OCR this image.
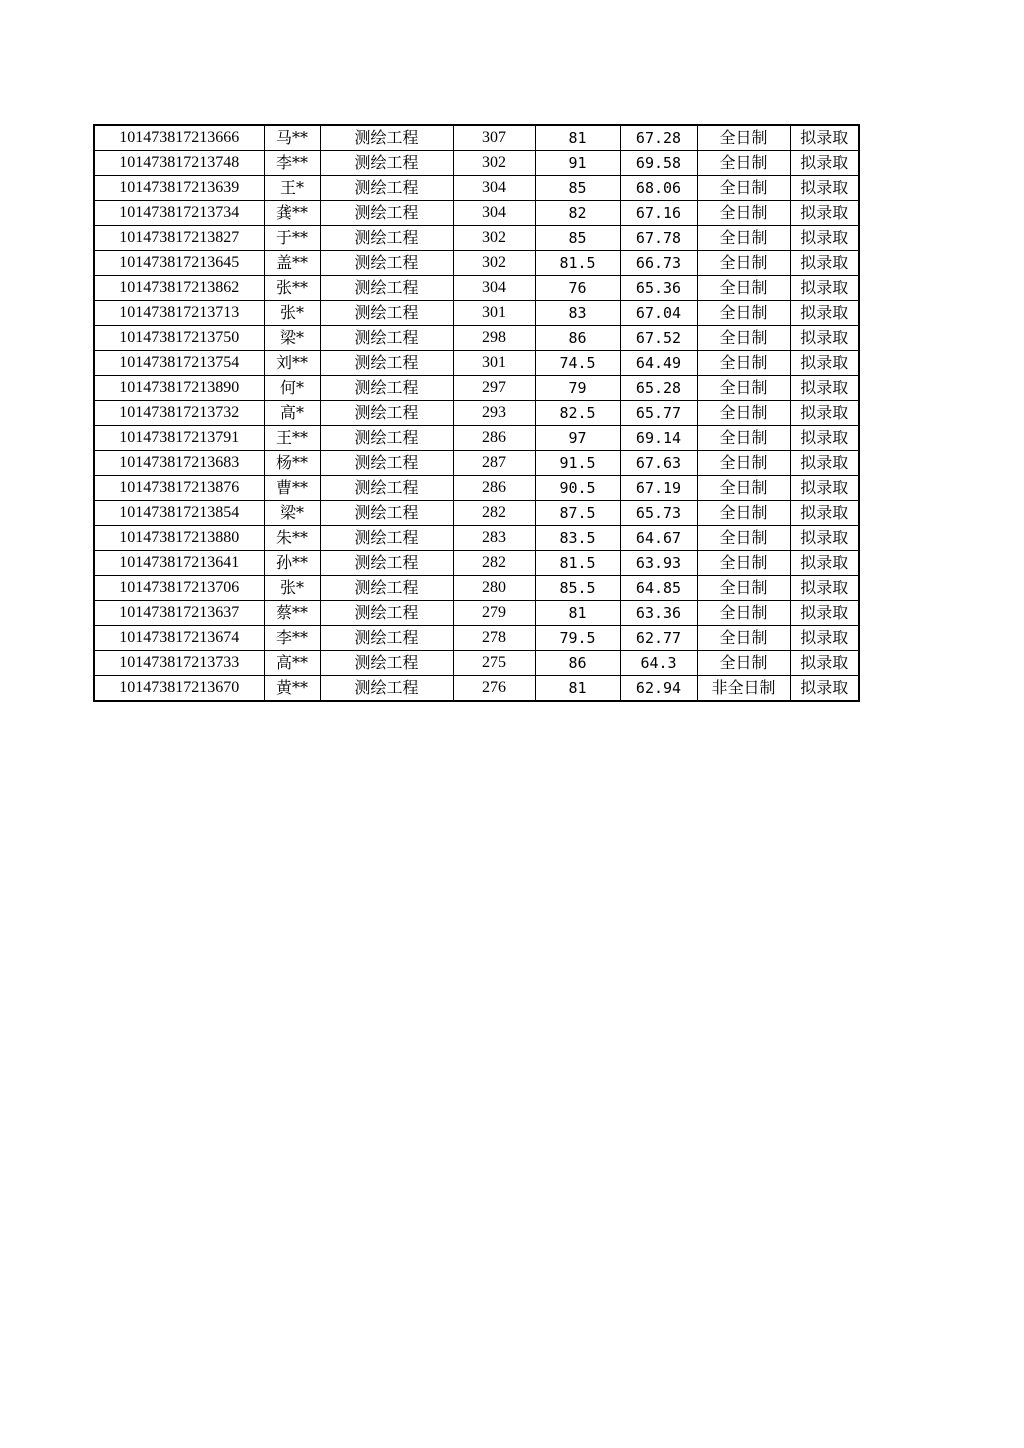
101473817213666	马**	测绘工程	307	81	67.28	全日制	拟录取
101473817213748	李**	测绘工程	302	91	69.58	全日制	拟录取
101473817213639	王*	测绘工程	304	85	68.06	全日制	拟录取
101473817213734	龚**	测绘工程	304	82	67.16	全日制	拟录取
101473817213827	于**	测绘工程	302	85	67.78	全日制	拟录取
101473817213645	盖**	测绘工程	302	81.5	66.73	全日制	拟录取
101473817213862	张**	测绘工程	304	76	65.36	全日制	拟录取
101473817213713	张*	测绘工程	301	83	67.04	全日制	拟录取
101473817213750	梁*	测绘工程	298	86	67.52	全日制	拟录取
101473817213754	刘**	测绘工程	301	74.5	64.49	全日制	拟录取
101473817213890	何*	测绘工程	297	79	65.28	全日制	拟录取
101473817213732	高*	测绘工程	293	82.5	65.77	全日制	拟录取
101473817213791	王**	测绘工程	286	97	69.14	全日制	拟录取
101473817213683	杨**	测绘工程	287	91.5	67.63	全日制	拟录取
101473817213876	曹**	测绘工程	286	90.5	67.19	全日制	拟录取
101473817213854	梁*	测绘工程	282	87.5	65.73	全日制	拟录取
101473817213880	朱**	测绘工程	283	83.5	64.67	全日制	拟录取
101473817213641	孙**	测绘工程	282	81.5	63.93	全日制	拟录取
101473817213706	张*	测绘工程	280	85.5	64.85	全日制	拟录取
101473817213637	蔡**	测绘工程	279	81	63.36	全日制	拟录取
101473817213674	李**	测绘工程	278	79.5	62.77	全日制	拟录取
101473817213733	高**	测绘工程	275	86	64.3	全日制	拟录取
101473817213670	黄**	测绘工程	276	81	62.94	非全日制	拟录取
